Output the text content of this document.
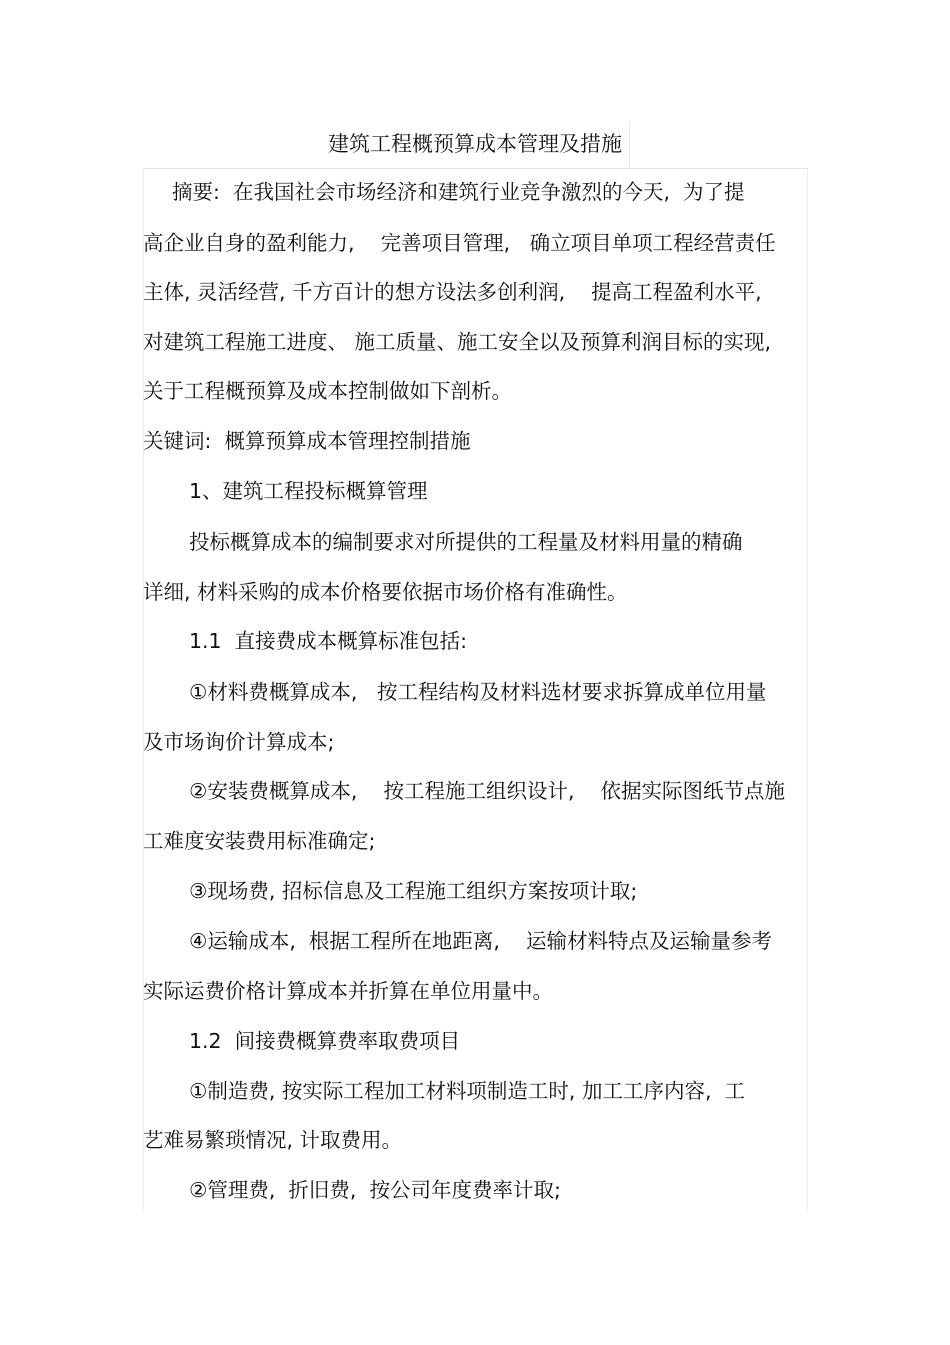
建筑工程概预算成本管理及措施
摘要:  在我国社会市场经济和建筑行业竞争激烈的今天,  为了提
高企业自身的盈利能力,    完善项目管理,   确立项目单项工程经营责任
主体, 灵活经营, 千方百计的想方设法多创利润,    提高工程盈利水平,
对建筑工程施工进度、 施工质量、施工安全以及预算利润目标的实现,
关于工程概预算及成本控制做如下剖析。
关键词:  概算预算成本管理控制措施
1、建筑工程投标概算管理
投标概算成本的编制要求对所提供的工程量及材料用量的精确
详细, 材料采购的成本价格要依据市场价格有准确性。
1.1  直接费成本概算标准包括:
①材料费概算成本,   按工程结构及材料选材要求拆算成单位用量
及市场询价计算成本;
②安装费概算成本,    按工程施工组织设计,    依据实际图纸节点施
工难度安装费用标准确定;
③现场费, 招标信息及工程施工组织方案按项计取;
④运输成本,  根据工程所在地距离,    运输材料特点及运输量参考
实际运费价格计算成本并折算在单位用量中。
1.2  间接费概算费率取费项目
①制造费, 按实际工程加工材料项制造工时, 加工工序内容,  工
艺难易繁琐情况, 计取费用。
②管理费,  折旧费,  按公司年度费率计取;
